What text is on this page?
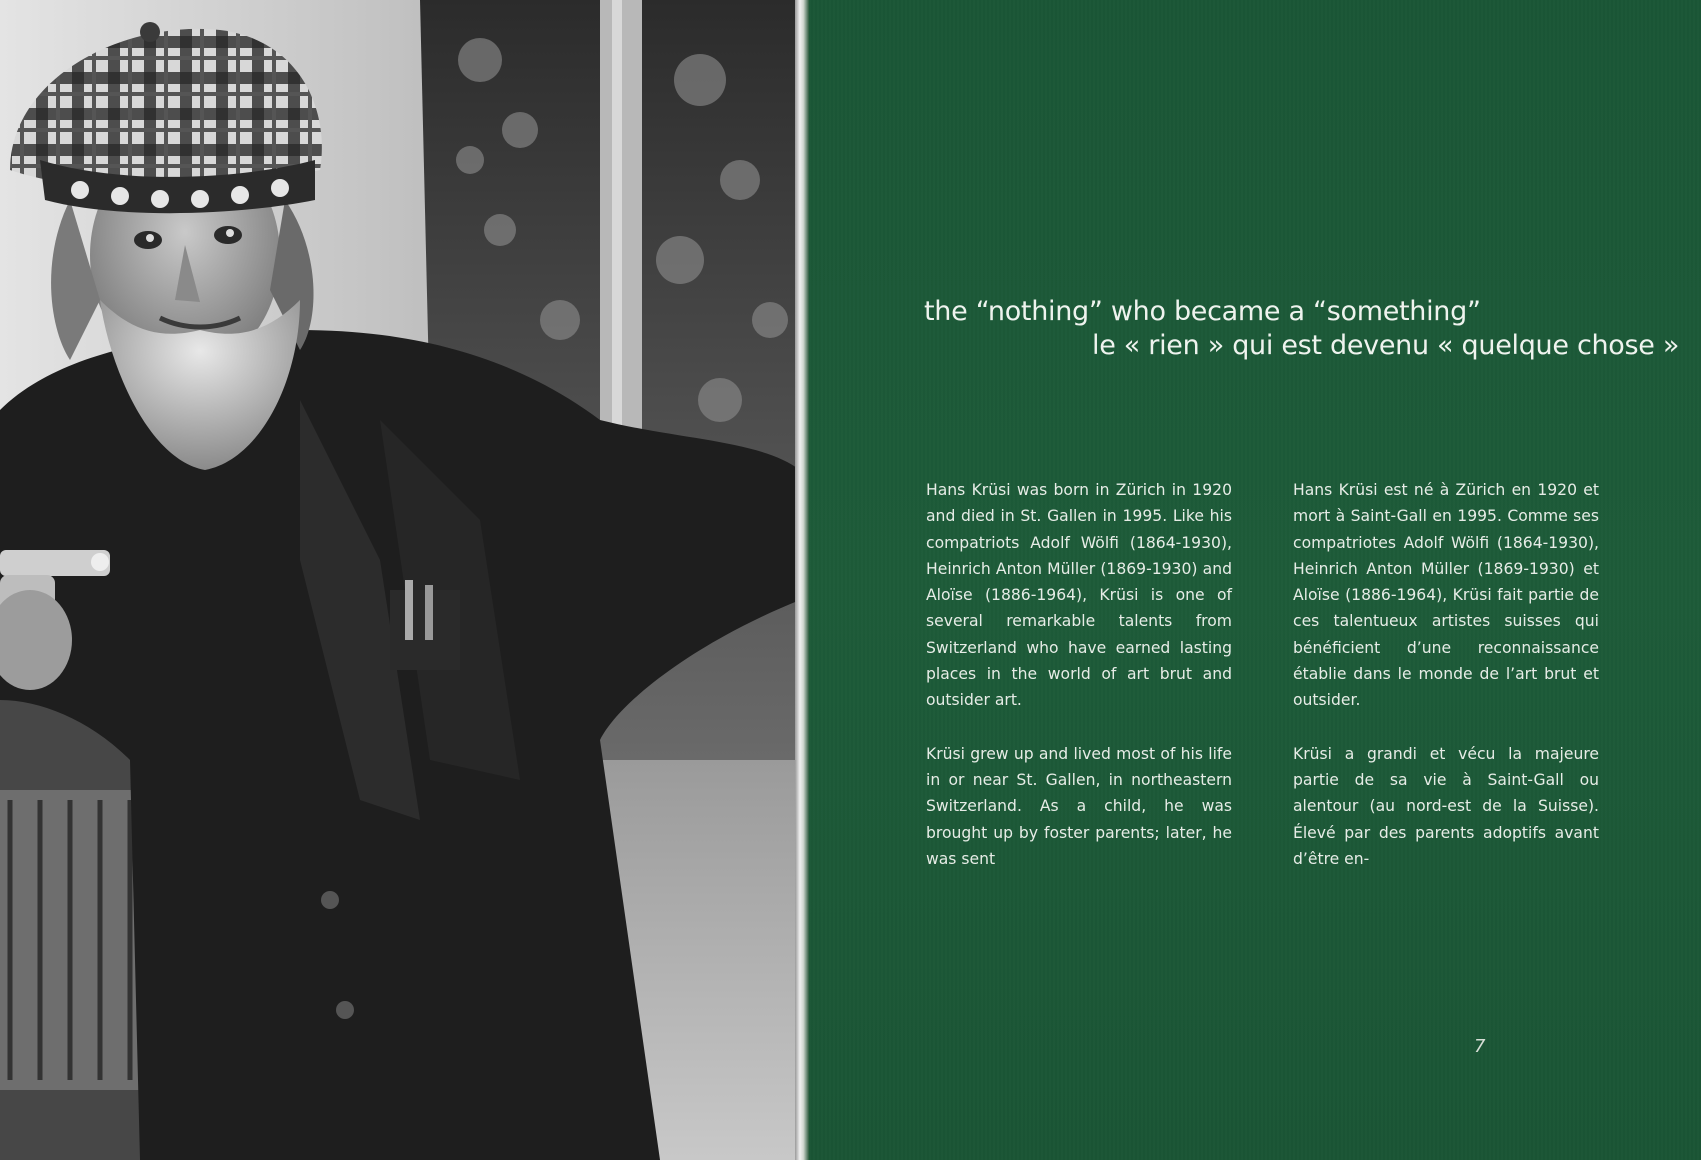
the “nothing” who became a “something”
le « rien » qui est devenu « quelque chose »

Hans Krüsi was born in Zürich in 1920 and died in St. Gallen in 1995. Like his compatriots Adolf Wölfi (1864-1930), Heinrich Anton Müller (1869-1930) and Aloïse (1886-1964), Krüsi is one of several remarkable talents from Switzerland who have earned lasting places in the world of art brut and outsider art.

Krüsi grew up and lived most of his life in or near St. Gallen, in northeastern Switzerland. As a child, he was brought up by foster parents; later, he was sent

Hans Krüsi est né à Zürich en 1920 et mort à Saint-Gall en 1995. Comme ses compatriotes Adolf Wölfi (1864-1930), Heinrich Anton Müller (1869-1930) et Aloïse (1886-1964), Krüsi fait partie de ces talentueux artistes suisses qui bénéficient d’une reconnaissance établie dans le monde de l’art brut et outsider.

Krüsi a grandi et vécu la majeure partie de sa vie à Saint-Gall ou alentour (au nord-est de la Suisse). Élevé par des parents adoptifs avant d’être en-

7
